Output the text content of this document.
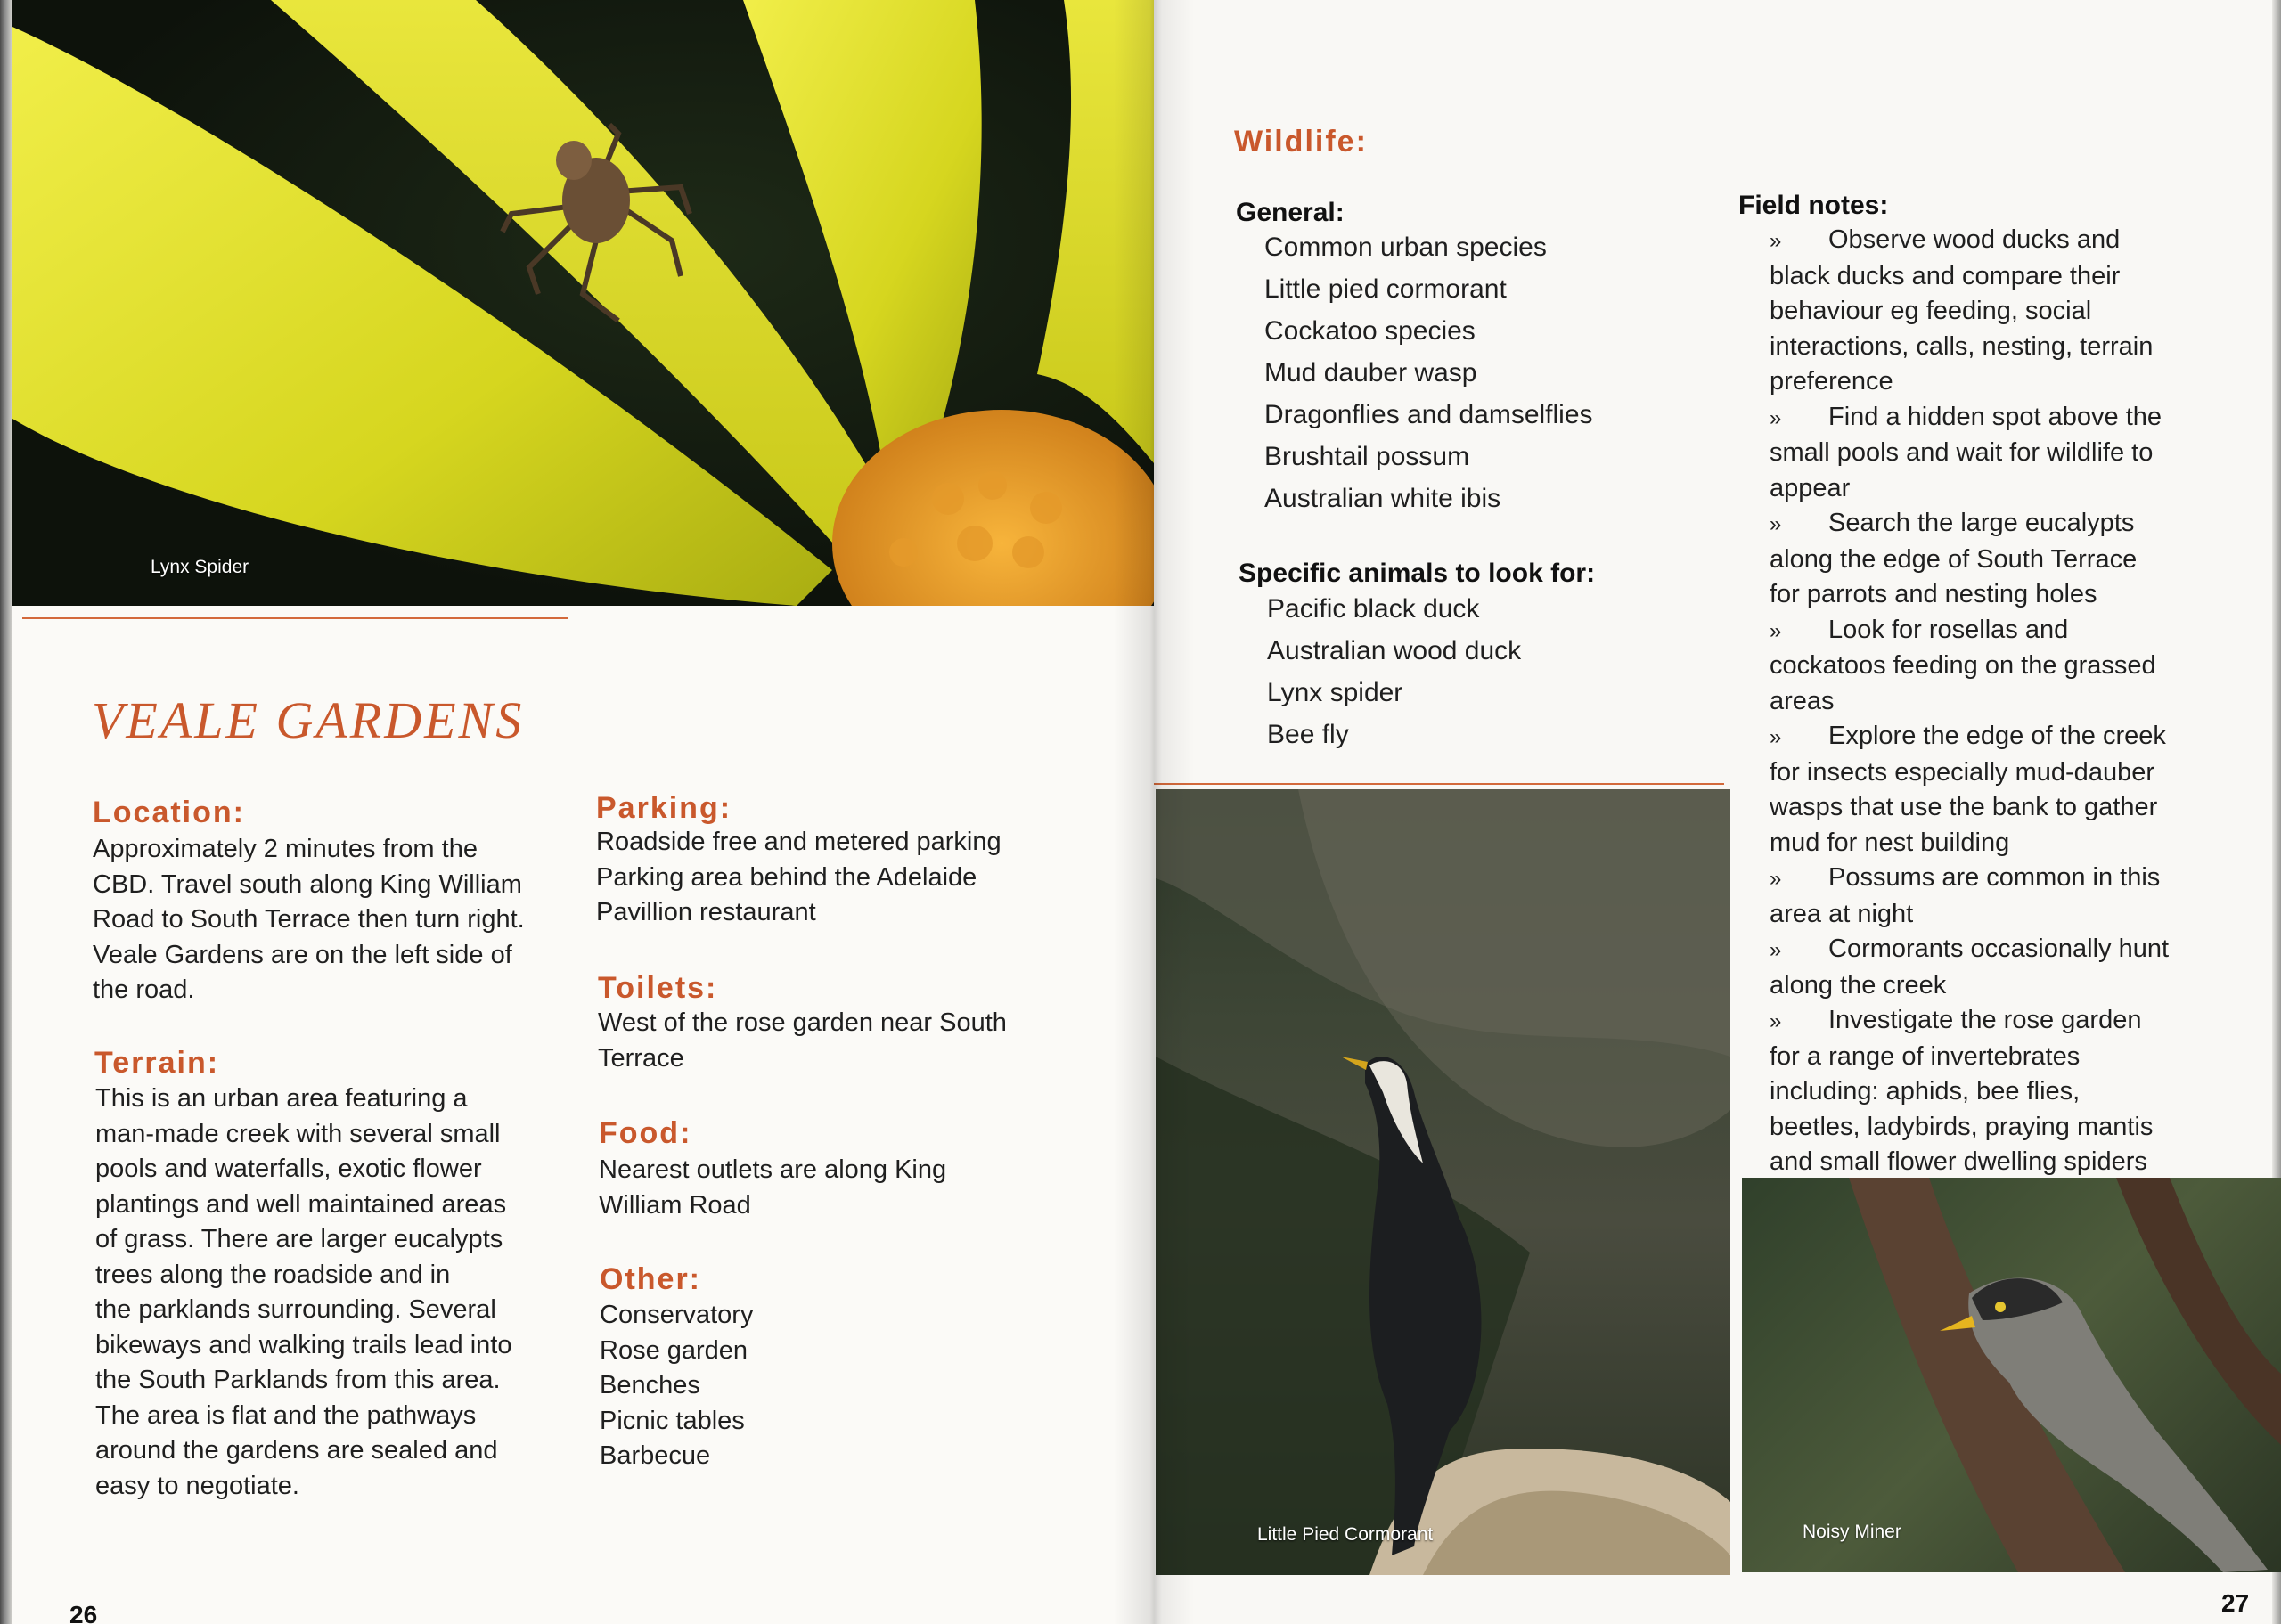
Lynx Spider
VEALE GARDENS
Location:
Approximately 2 minutes from the
CBD. Travel south along King William
Road to South Terrace then turn right.
Veale Gardens are on the left side of
the road.
Terrain:
This is an urban area featuring a
man-made creek with several small
pools and waterfalls, exotic flower
plantings and well maintained areas
of grass. There are larger eucalypts
trees along the roadside and in
the parklands surrounding. Several
bikeways and walking trails lead into
the South Parklands from this area.
The area is flat and the pathways
around the gardens are sealed and
easy to negotiate.
Parking:
Roadside free and metered parking
Parking area behind the Adelaide
Pavillion restaurant
Toilets:
West of the rose garden near South
Terrace
Food:
Nearest outlets are along King
William Road
Other:
Conservatory
Rose garden
Benches
Picnic tables
Barbecue
26
Wildlife:
General:
Common urban species
Little pied cormorant
Cockatoo species
Mud dauber wasp
Dragonflies and damselflies
Brushtail possum
Australian white ibis
Specific animals to look for:
Pacific black duck
Australian wood duck
Lynx spider
Bee fly
Field notes:
27
» Observe wood ducks and
black ducks and compare their
behaviour eg feeding, social
interactions, calls, nesting, terrain
preference
» Find a hidden spot above the
small pools and wait for wildlife to
appear
» Search the large eucalypts
along the edge of South Terrace
for parrots and nesting holes
» Look for rosellas and
cockatoos feeding on the grassed
areas
» Explore the edge of the creek
for insects especially mud-dauber
wasps that use the bank to gather
mud for nest building
» Possums are common in this
area at night
» Cormorants occasionally hunt
along the creek
» Investigate the rose garden
for a range of invertebrates
including: aphids, bee flies,
beetles, ladybirds, praying mantis
and small flower dwelling spiders
Little Pied Cormorant	Noisy Miner
